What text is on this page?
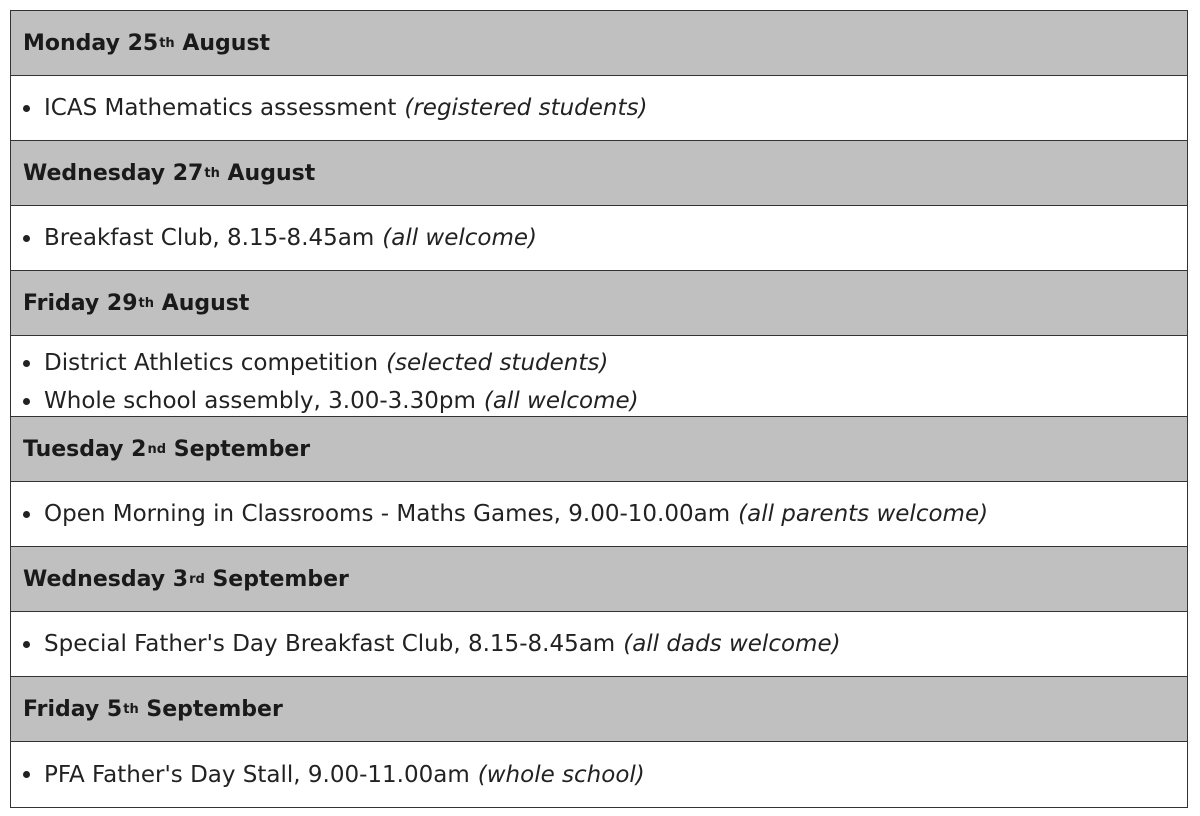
Monday 25 th
August
ICAS Mathematics assessment (registered students)
Wednesday 27 th
August
Breakfast Club, 8.15-8.45am (all welcome)
Friday 29 th
August
District Athletics competition (selected students)
Whole school assembly, 3.00-3.30pm (all welcome)
Tuesday 2 nd
September
Open Morning in Classrooms - Maths Games, 9.00-10.00am (all parents welcome)
Wednesday 3 rd
September
Special Father's Day Breakfast Club, 8.15-8.45am (all dads welcome)
Friday 5 th
September
PFA Father's Day Stall, 9.00-11.00am (whole school)
